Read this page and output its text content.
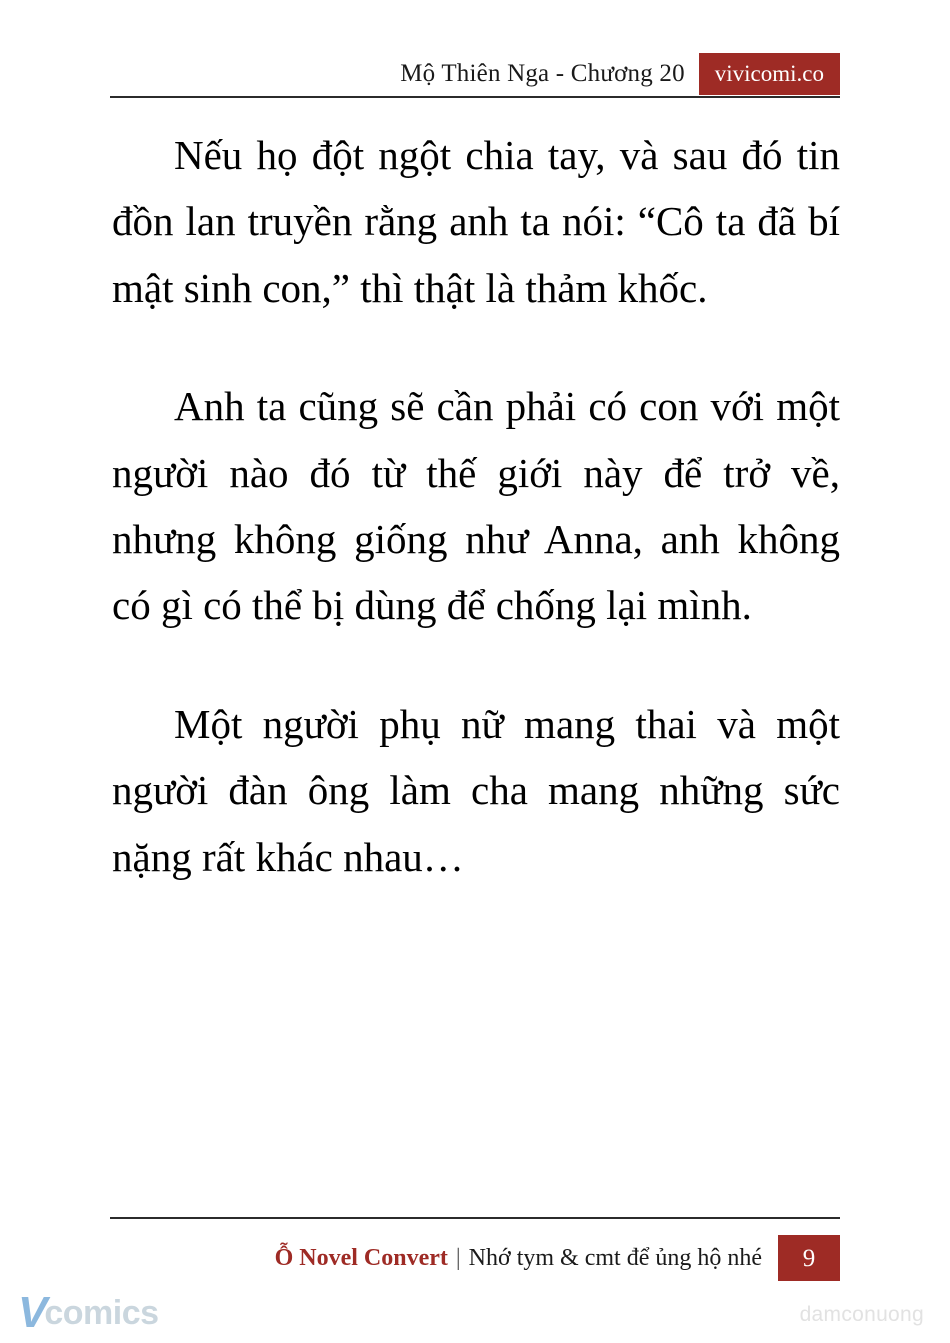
Mộ Thiên Nga - Chương 20	vivicomi.co

Nếu họ đột ngột chia tay, và sau đó tin đồn lan truyền rằng anh ta nói: “Cô ta đã bí mật sinh con,” thì thật là thảm khốc.

Anh ta cũng sẽ cần phải có con với một người nào đó từ thế giới này để trở về, nhưng không giống như Anna, anh không có gì có thể bị dùng để chống lại mình.

Một người phụ nữ mang thai và một người đàn ông làm cha mang những sức nặng rất khác nhau…

Ỗ Novel Convert | Nhớ tym & cmt để ủng hộ nhé	9
V
comics	damconuong
